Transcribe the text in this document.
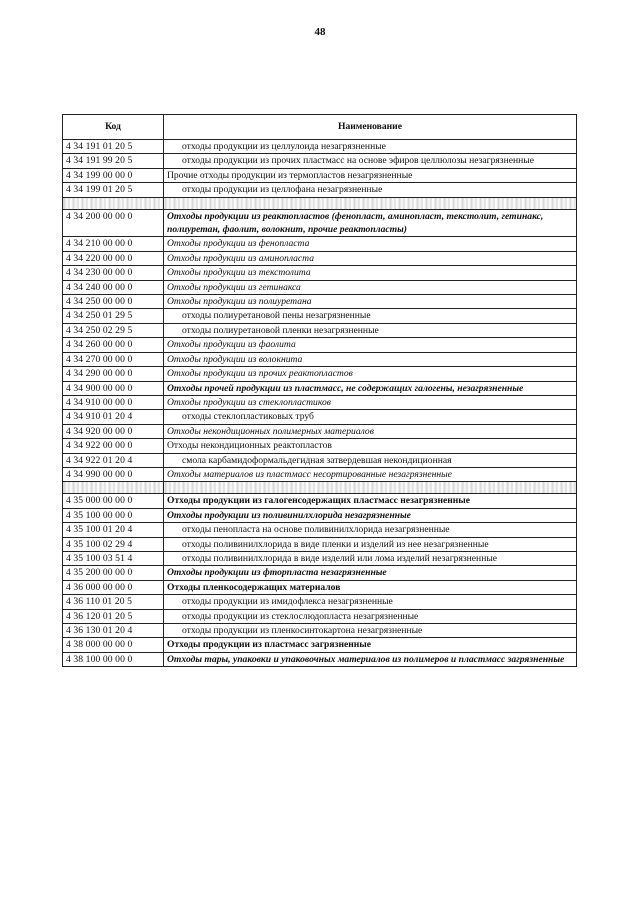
48
Код	Наименование
4 34 191 01 20 5	отходы продукции из целлулоида незагрязненные
4 34 191 99 20 5	отходы продукции из прочих пластмасс на основе эфиров целлюлозы незагрязненные
4 34 199 00 00 0	Прочие отходы продукции из термопластов незагрязненные
4 34 199 01 20 5	отходы продукции из целлофана незагрязненные

4 34 200 00 00 0	Отходы продукции из реактопластов (фенопласт, аминопласт, текстолит, гетинакс, полиуретан, фаолит, волокнит, прочие реактопласты)
4 34 210 00 00 0	Отходы продукции из фенопласта
4 34 220 00 00 0	Отходы продукции из аминопласта
4 34 230 00 00 0	Отходы продукции из текстолита
4 34 240 00 00 0	Отходы продукции из гетинакса
4 34 250 00 00 0	Отходы продукции из полиуретана
4 34 250 01 29 5	отходы полиуретановой пены незагрязненные
4 34 250 02 29 5	отходы полиуретановой пленки незагрязненные
4 34 260 00 00 0	Отходы продукции из фаолита
4 34 270 00 00 0	Отходы продукции из волокнита
4 34 290 00 00 0	Отходы продукции из прочих реактопластов
4 34 900 00 00 0	Отходы прочей продукции из пластмасс, не содержащих галогены, незагрязненные
4 34 910 00 00 0	Отходы продукции из стеклопластиков
4 34 910 01 20 4	отходы стеклопластиковых труб
4 34 920 00 00 0	Отходы некондиционных полимерных материалов
4 34 922 00 00 0	Отходы некондиционных реактопластов
4 34 922 01 20 4	смола карбамидоформальдегидная затвердевшая некондиционная
4 34 990 00 00 0	Отходы материалов из пластмасс несортированные незагрязненные

4 35 000 00 00 0	Отходы продукции из галогенсодержащих пластмасс незагрязненные
4 35 100 00 00 0	Отходы продукции из поливинилхлорида незагрязненные
4 35 100 01 20 4	отходы пенопласта на основе поливинилхлорида незагрязненные
4 35 100 02 29 4	отходы поливинилхлорида в виде пленки и изделий из нее незагрязненные
4 35 100 03 51 4	отходы поливинилхлорида в виде изделий или лома изделий незагрязненные
4 35 200 00 00 0	Отходы продукции из фторпласта незагрязненные
4 36 000 00 00 0	Отходы пленкосодержащих материалов
4 36 110 01 20 5	отходы продукции из имидофлекса незагрязненные
4 36 120 01 20 5	отходы продукции из стеклослюдопласта незагрязненные
4 36 130 01 20 4	отходы продукции из пленкосинтокартона незагрязненные
4 38 000 00 00 0	Отходы продукции из пластмасс загрязненные
4 38 100 00 00 0	Отходы тары, упаковки и упаковочных материалов из полимеров и пластмасс загрязненные
